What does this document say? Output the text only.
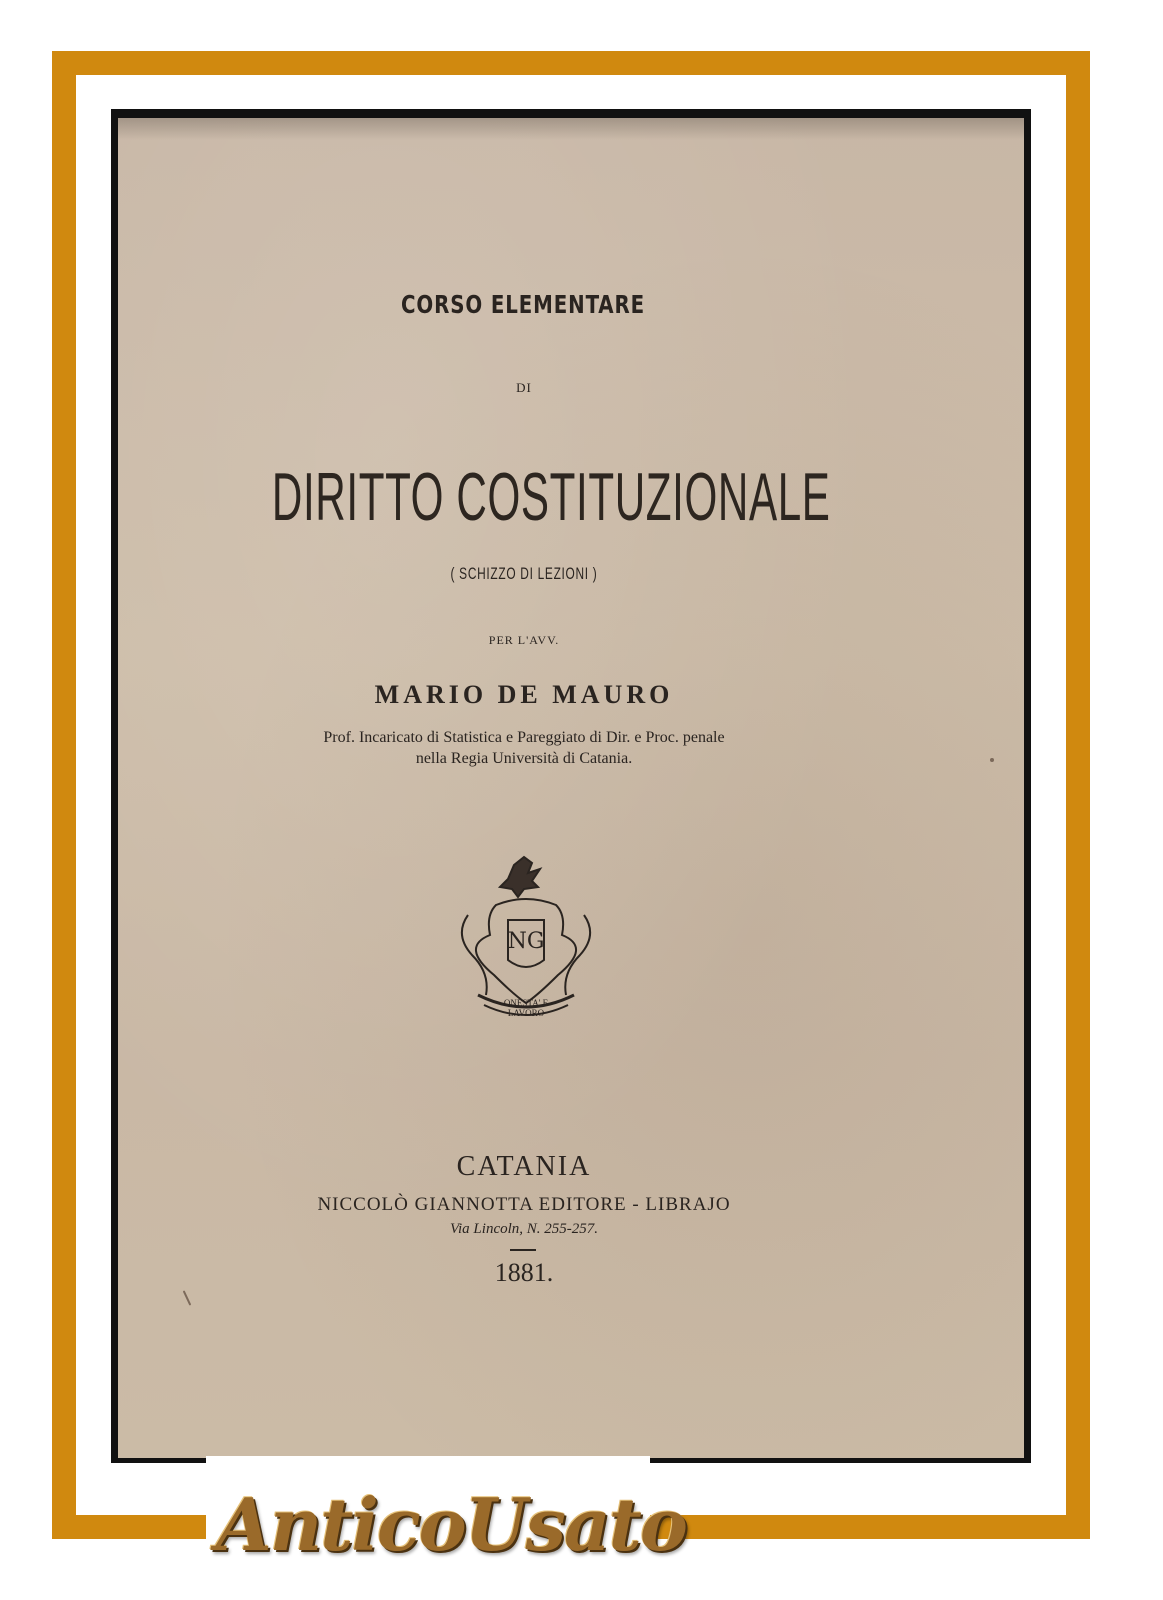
CORSO ELEMENTARE
DI
DIRITTO COSTITUZIONALE
( SCHIZZO DI LEZIONI )
PER L'AVV.
MARIO DE MAURO
Prof. Incaricato di Statistica e Pareggiato di Dir. e Proc. penale
nella Regia Università di Catania.
NG
ONESTA' E LAVORO
CATANIA
NICCOLÒ GIANNOTTA EDITORE - LIBRAJO
Via Lincoln, N. 255-257.
1881.
AnticoUsato
